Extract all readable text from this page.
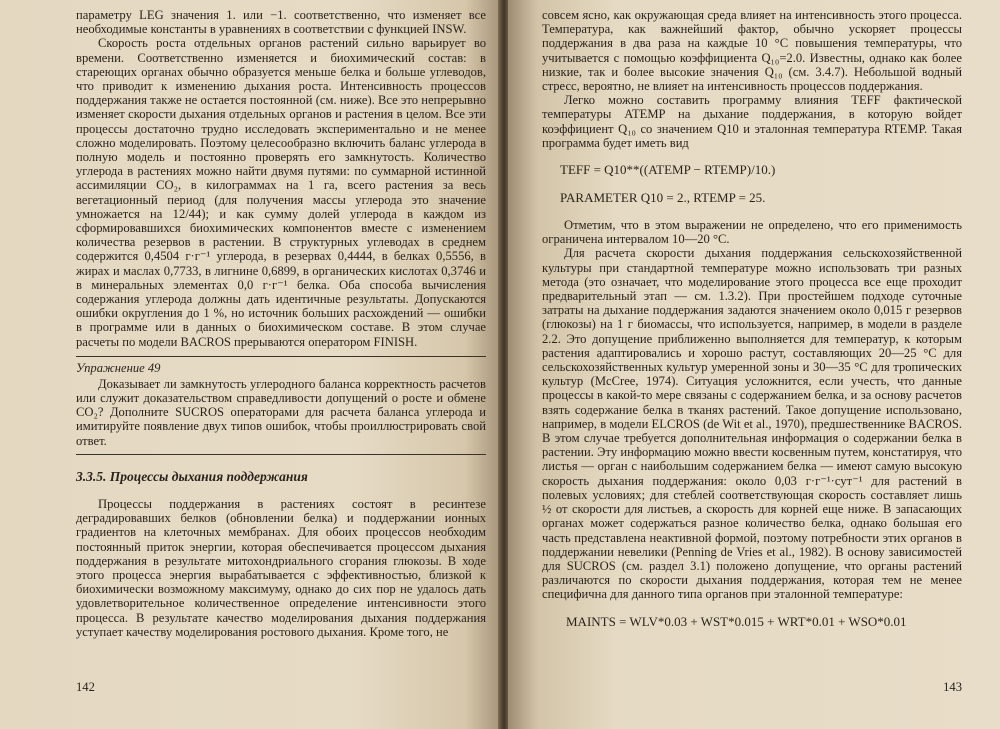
параметру LEG значения 1. или −1. соответственно, что изменяет все необходимые константы в уравнениях в соответствии с функцией INSW.

Скорость роста отдельных органов растений сильно варьирует во времени. Соответственно изменяется и биохимический состав: в стареющих органах обычно образуется меньше белка и больше углеводов, что приводит к изменению дыхания роста. Интенсивность процессов поддержания также не остается постоянной (см. ниже). Все это непрерывно изменяет скорости дыхания отдельных органов и растения в целом. Все эти процессы достаточно трудно исследовать экспериментально и не менее сложно моделировать. Поэтому целесообразно включить баланс углерода в полную модель и постоянно проверять его замкнутость. Количество углерода в растениях можно найти двумя путями: по суммарной истинной ассимиляции CO₂, в килограммах на 1 га, всего растения за весь вегетационный период (для получения массы углерода это значение умножается на 12/44); и как сумму долей углерода в каждом из сформировавшихся биохимических компонентов вместе с изменением количества резервов в растении. В структурных углеводах в среднем содержится 0,4504 г·г⁻¹ углерода, в резервах 0,4444, в белках 0,5556, в жирах и маслах 0,7733, в лигнине 0,6899, в органических кислотах 0,3746 и в минеральных элементах 0,0 г·г⁻¹ белка. Оба способа вычисления содержания углерода должны дать идентичные результаты. Допускаются ошибки округления до 1 %, но источник больших расхождений — ошибки в программе или в данных о биохимическом составе. В этом случае расчеты по модели BACROS прерываются оператором FINISH.

Упражнение 49

Доказывает ли замкнутость углеродного баланса корректность расчетов или служит доказательством справедливости допущений о росте и обмене CO₂? Дополните SUCROS операторами для расчета баланса углерода и имитируйте появление двух типов ошибок, чтобы проиллюстрировать свой ответ.

3.3.5. Процессы дыхания поддержания

Процессы поддержания в растениях состоят в ресинтезе деградировавших белков (обновлении белка) и поддержании ионных градиентов на клеточных мембранах. Для обоих процессов необходим постоянный приток энергии, которая обеспечивается процессом дыхания поддержания в результате митохондриального сгорания глюкозы. В ходе этого процесса энергия вырабатывается с эффективностью, близкой к биохимически возможному максимуму, однако до сих пор не удалось дать удовлетворительное количественное определение интенсивности этого процесса. В результате качество моделирования дыхания поддержания уступает качеству моделирования ростового дыхания. Кроме того, не

142

совсем ясно, как окружающая среда влияет на интенсивность этого процесса. Температура, как важнейший фактор, обычно ускоряет процессы поддержания в два раза на каждые 10 °C повышения температуры, что учитывается с помощью коэффициента Q₁₀=2.0. Известны, однако как более низкие, так и более высокие значения Q₁₀ (см. 3.4.7). Небольшой водный стресс, вероятно, не влияет на интенсивность процессов поддержания.

Легко можно составить программу влияния TEFF фактической температуры ATEMP на дыхание поддержания, в которую войдет коэффициент Q₁₀ со значением Q10 и эталонная температура RTEMP. Такая программа будет иметь вид

TEFF = Q10**((ATEMP − RTEMP)/10.)
PARAMETER Q10 = 2., RTEMP = 25.

Отметим, что в этом выражении не определено, что его применимость ограничена интервалом 10—20 °C.

Для расчета скорости дыхания поддержания сельскохозяйственной культуры при стандартной температуре можно использовать три разных метода (это означает, что моделирование этого процесса все еще проходит предварительный этап — см. 1.3.2). При простейшем подходе суточные затраты на дыхание поддержания задаются значением около 0,015 г резервов (глюкозы) на 1 г биомассы, что используется, например, в модели в разделе 2.2. Это допущение приближенно выполняется для температур, к которым растения адаптировались и хорошо растут, составляющих 20—25 °C для сельскохозяйственных культур умеренной зоны и 30—35 °C для тропических культур (McCree, 1974). Ситуация усложнится, если учесть, что данные процессы в какой-то мере связаны с содержанием белка, и за основу расчетов взять содержание белка в тканях растений. Такое допущение использовано, например, в модели ELCROS (de Wit et al., 1970), предшественнике BACROS. В этом случае требуется дополнительная информация о содержании белка в растении. Эту информацию можно ввести косвенным путем, констатируя, что листья — орган с наибольшим содержанием белка — имеют самую высокую скорость дыхания поддержания: около 0,03 г·г⁻¹·сут⁻¹ для растений в полевых условиях; для стеблей соответствующая скорость составляет лишь ½ от скорости для листьев, а скорость для корней еще ниже. В запасающих органах может содержаться разное количество белка, однако большая его часть представлена неактивной формой, поэтому потребности этих органов в поддержании невелики (Penning de Vries et al., 1982). В основу зависимостей для SUCROS (см. раздел 3.1) положено допущение, что органы растений различаются по скорости дыхания поддержания, которая тем не менее специфична для данного типа органов при эталонной температуре:

MAINTS = WLV*0.03 + WST*0.015 + WRT*0.01 + WSO*0.01
143
